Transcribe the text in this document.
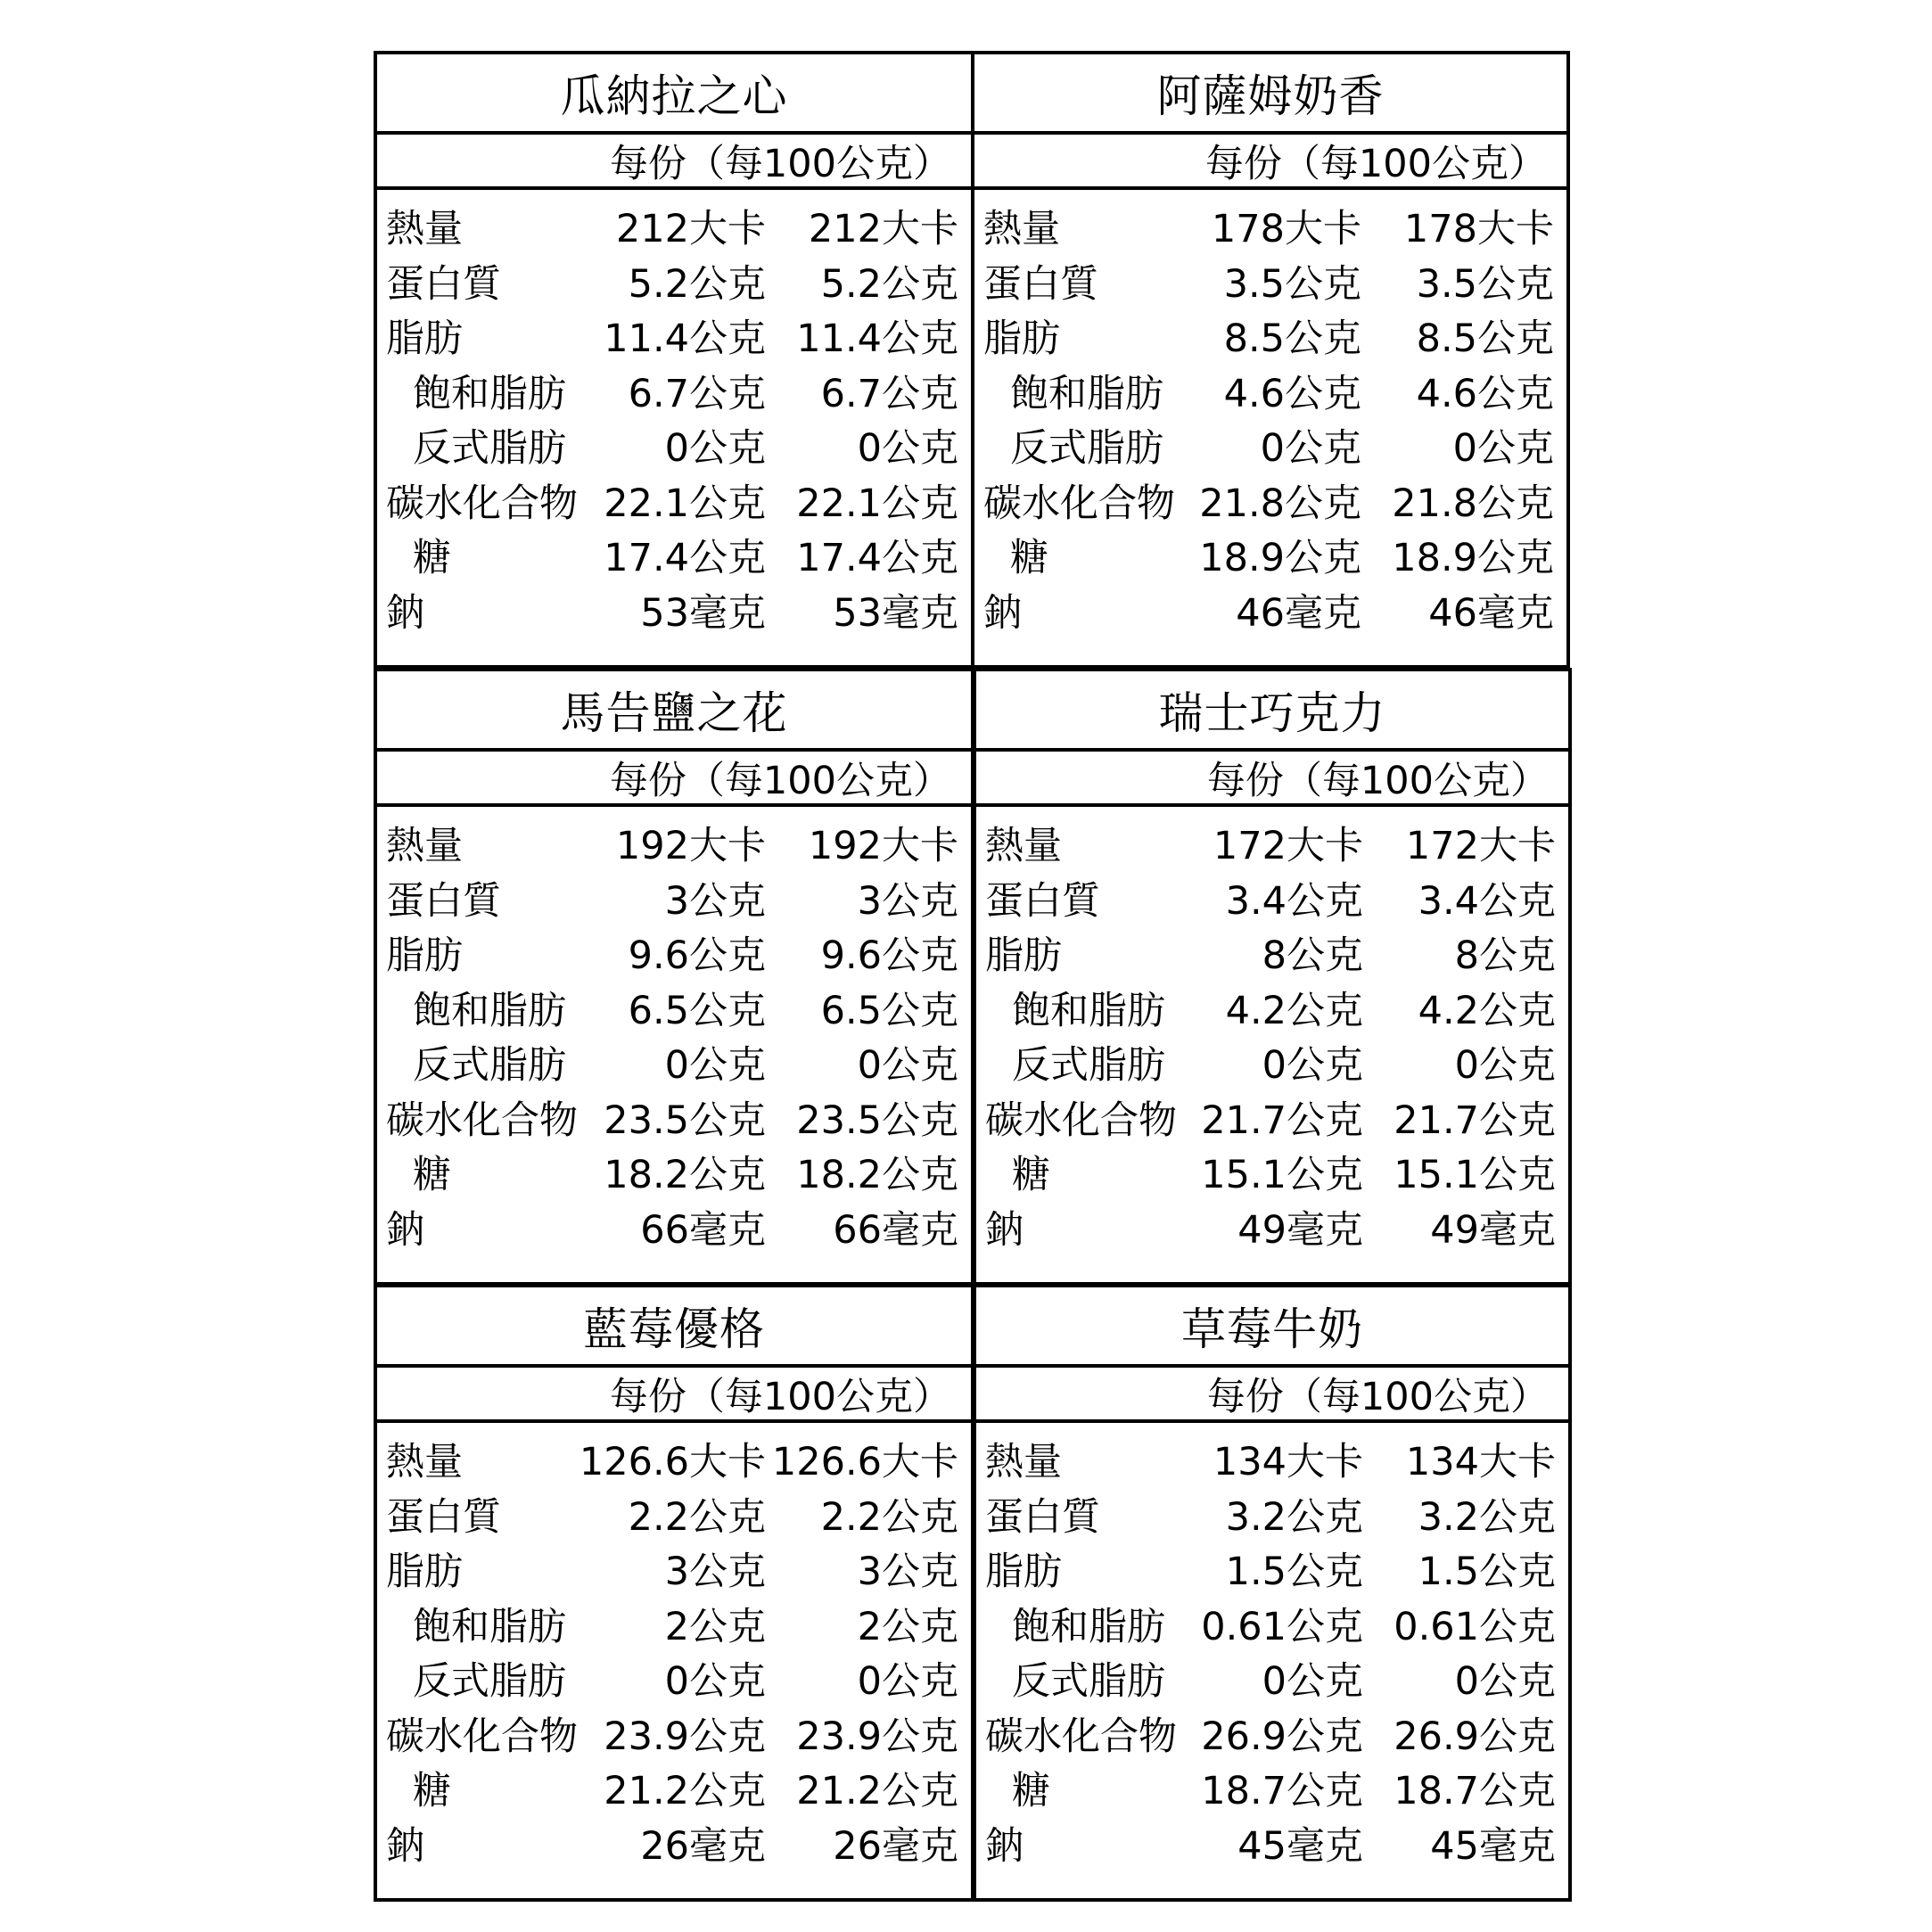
瓜納拉之心
每份（每100公克）
熱量	212大卡 212大卡
蛋白質	5.2公克 5.2公克
脂肪	11.4公克 11.4公克
飽和脂肪 6.7公克 6.7公克
反式脂肪	0公克 0公克
碳水化合物 22.1公克 22.1公克
糖	17.4公克 17.4公克
鈉	53毫克 53毫克
阿薩姆奶香
每份（每100公克）
熱量	178大卡 178大卡
蛋白質	3.5公克 3.5公克
脂肪	8.5公克 8.5公克
飽和脂肪 4.6公克 4.6公克
反式脂肪	0公克 0公克
碳水化合物 21.8公克 21.8公克
糖	18.9公克 18.9公克
鈉	46毫克 46毫克
馬告鹽之花
每份（每100公克）
熱量	192大卡 192大卡
蛋白質	3公克 3公克
脂肪	9.6公克 9.6公克
飽和脂肪 6.5公克 6.5公克
反式脂肪	0公克 0公克
碳水化合物 23.5公克 23.5公克
糖	18.2公克 18.2公克
鈉	66毫克 66毫克
瑞士巧克力
每份（每100公克）
熱量	172大卡 172大卡
蛋白質	3.4公克 3.4公克
脂肪	8公克 8公克
飽和脂肪 4.2公克 4.2公克
反式脂肪	0公克 0公克
碳水化合物 21.7公克 21.7公克
糖	15.1公克 15.1公克
鈉	49毫克 49毫克
藍莓優格
每份（每100公克）
熱量	126.6大卡 126.6大卡
蛋白質	2.2公克 2.2公克
脂肪	3公克 3公克
飽和脂肪	2公克 2公克
反式脂肪	0公克 0公克
碳水化合物 23.9公克 23.9公克
糖	21.2公克 21.2公克
鈉	26毫克 26毫克
草莓牛奶
每份（每100公克）
熱量	134大卡 134大卡
蛋白質	3.2公克 3.2公克
脂肪	1.5公克 1.5公克
飽和脂肪 0.61公克 0.61公克
反式脂肪	0公克 0公克
碳水化合物 26.9公克 26.9公克
糖	18.7公克 18.7公克
鈉	45毫克 45毫克
